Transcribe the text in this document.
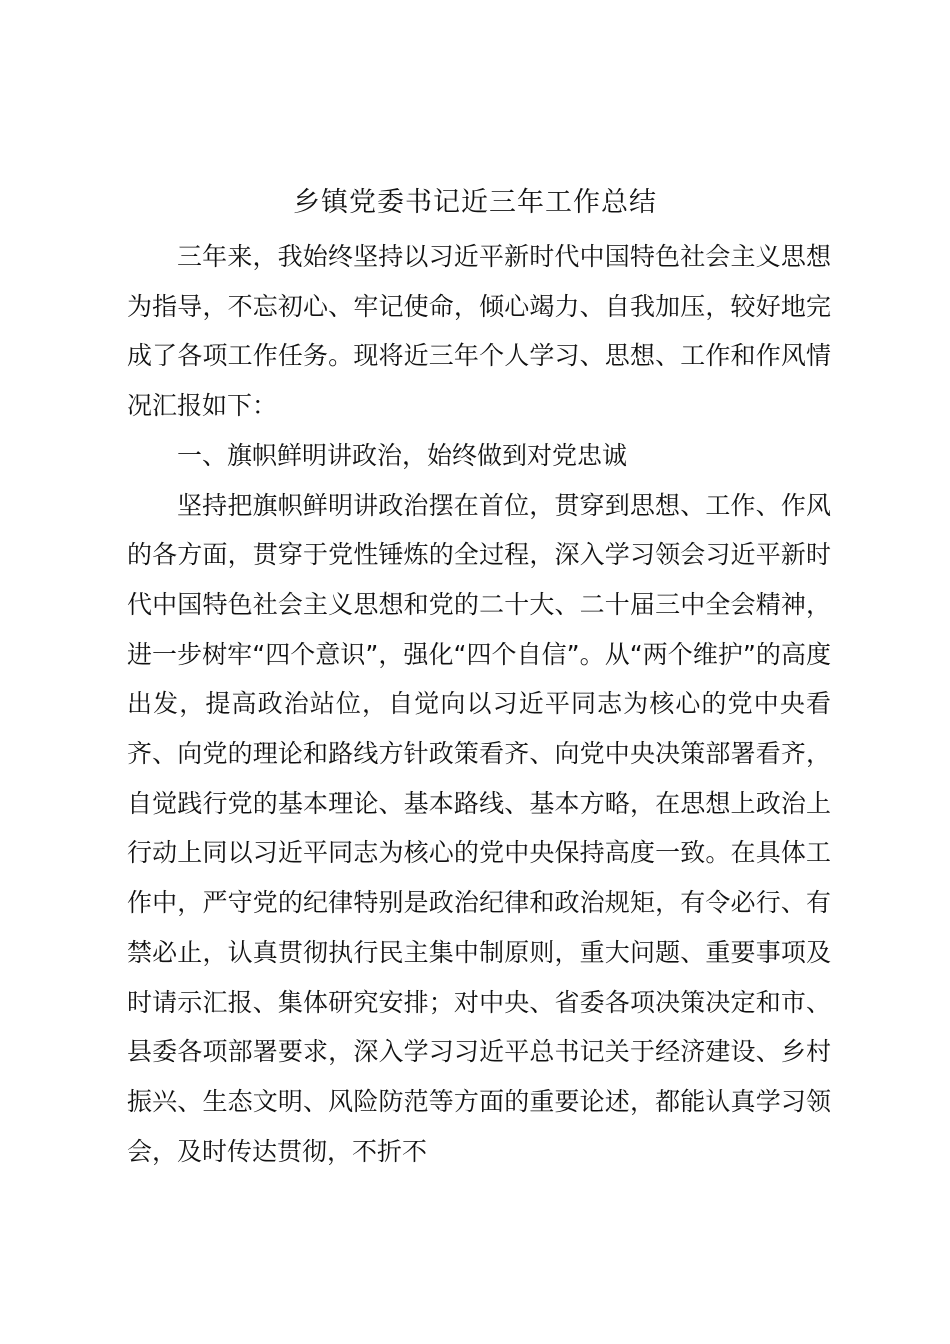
乡镇党委书记近三年工作总结

三年来，我始终坚持以习近平新时代中国特色社会主义思想为指导，不忘初心、牢记使命，倾心竭力、自我加压，较好地完成了各项工作任务。现将近三年个人学习、思想、工作和作风情况汇报如下：

一、旗帜鲜明讲政治，始终做到对党忠诚

坚持把旗帜鲜明讲政治摆在首位，贯穿到思想、工作、作风的各方面，贯穿于党性锤炼的全过程，深入学习领会习近平新时代中国特色社会主义思想和党的二十大、二十届三中全会精神，进一步树牢“四个意识”，强化“四个自信”。从“两个维护”的高度出发，提高政治站位，自觉向以习近平同志为核心的党中央看齐、向党的理论和路线方针政策看齐、向党中央决策部署看齐，自觉践行党的基本理论、基本路线、基本方略，在思想上政治上行动上同以习近平同志为核心的党中央保持高度一致。在具体工作中，严守党的纪律特别是政治纪律和政治规矩，有令必行、有禁必止，认真贯彻执行民主集中制原则，重大问题、重要事项及时请示汇报、集体研究安排；对中央、省委各项决策决定和市、县委各项部署要求，深入学习习近平总书记关于经济建设、乡村振兴、生态文明、风险防范等方面的重要论述，都能认真学习领会，及时传达贯彻，不折不
